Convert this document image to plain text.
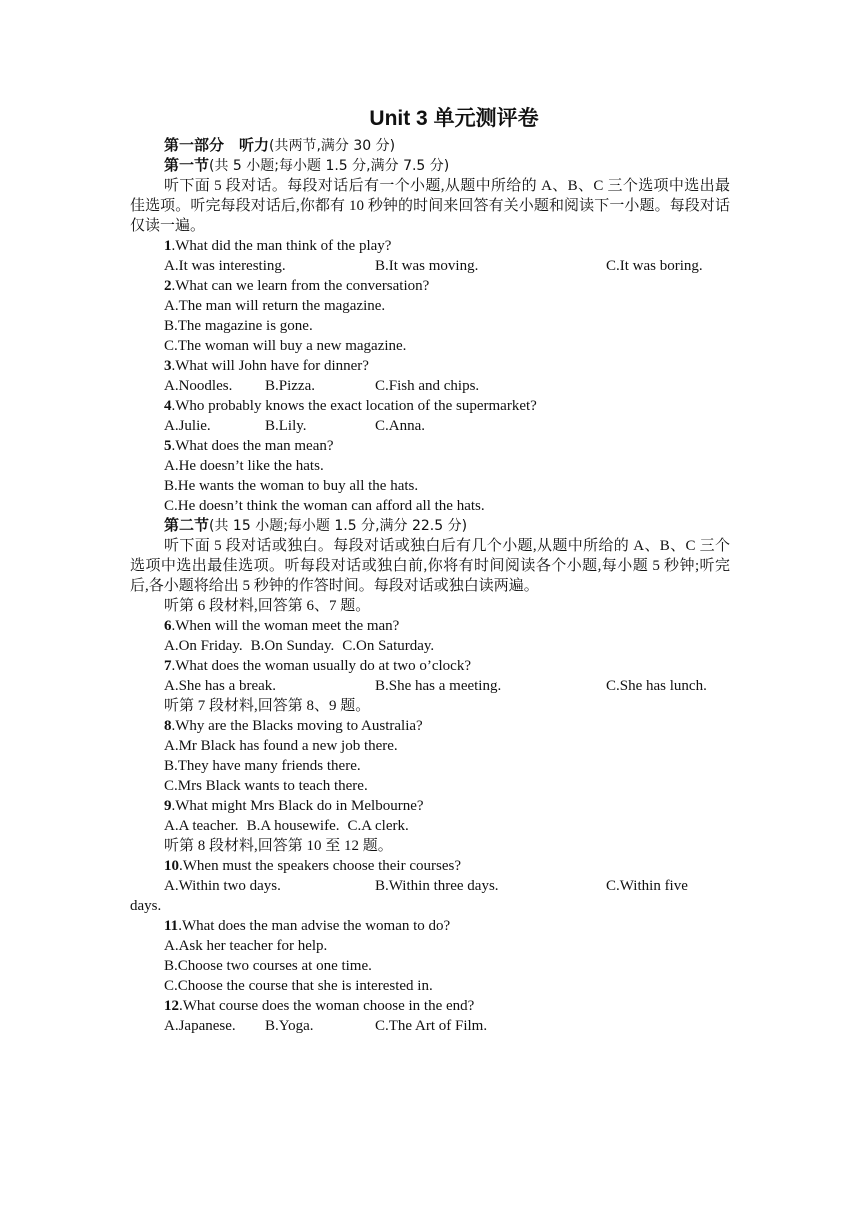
Unit 3 单元测评卷
第一部分　听力(共两节,满分 30 分)
第一节(共 5 小题;每小题 1.5 分,满分 7.5 分)
听下面 5 段对话。每段对话后有一个小题,从题中所给的 A、B、C 三个选项中选出最佳选项。听完每段对话后,你都有 10 秒钟的时间来回答有关小题和阅读下一小题。每段对话仅读一遍。
1.What did the man think of the play?
A.It was interesting.	B.It was moving.	C.It was boring.
2.What can we learn from the conversation?
A.The man will return the magazine.
B.The magazine is gone.
C.The woman will buy a new magazine.
3.What will John have for dinner?
A.Noodles.	B.Pizza.	C.Fish and chips.
4.Who probably knows the exact location of the supermarket?
A.Julie.	B.Lily.	C.Anna.
5.What does the man mean?
A.He doesn’t like the hats.
B.He wants the woman to buy all the hats.
C.He doesn’t think the woman can afford all the hats.
第二节(共 15 小题;每小题 1.5 分,满分 22.5 分)
听下面 5 段对话或独白。每段对话或独白后有几个小题,从题中所给的 A、B、C 三个选项中选出最佳选项。听每段对话或独白前,你将有时间阅读各个小题,每小题 5 秒钟;听完后,各小题将给出 5 秒钟的作答时间。每段对话或独白读两遍。
听第 6 段材料,回答第 6、7 题。
6.When will the woman meet the man?
A.On Friday. B.On Sunday. C.On Saturday.
7.What does the woman usually do at two o’clock?
A.She has a break.	B.She has a meeting.	C.She has lunch.
听第 7 段材料,回答第 8、9 题。
8.Why are the Blacks moving to Australia?
A.Mr Black has found a new job there.
B.They have many friends there.
C.Mrs Black wants to teach there.
9.What might Mrs Black do in Melbourne?
A.A teacher. B.A housewife. C.A clerk.
听第 8 段材料,回答第 10 至 12 题。
10.When must the speakers choose their courses?
A.Within two days.	B.Within three days.	C.Within five
days.
11.What does the man advise the woman to do?
A.Ask her teacher for help.
B.Choose two courses at one time.
C.Choose the course that she is interested in.
12.What course does the woman choose in the end?
A.Japanese.	B.Yoga.	C.The Art of Film.
